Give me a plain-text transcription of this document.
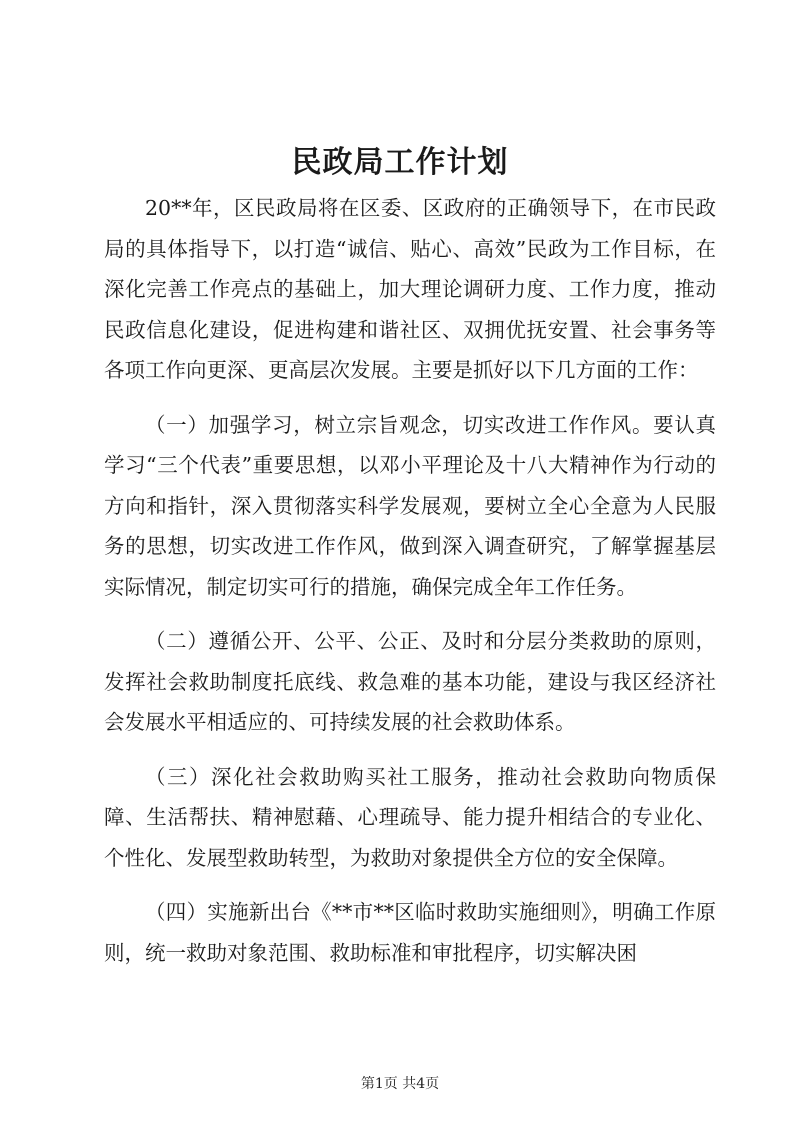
民政局工作计划

20**年，区民政局将在区委、区政府的正确领导下，在市民政局的具体指导下，以打造“诚信、贴心、高效”民政为工作目标，在深化完善工作亮点的基础上，加大理论调研力度、工作力度，推动民政信息化建设，促进构建和谐社区、双拥优抚安置、社会事务等各项工作向更深、更高层次发展。主要是抓好以下几方面的工作：

（一）加强学习，树立宗旨观念，切实改进工作作风。要认真学习“三个代表”重要思想，以邓小平理论及十八大精神作为行动的方向和指针，深入贯彻落实科学发展观，要树立全心全意为人民服务的思想，切实改进工作作风，做到深入调查研究，了解掌握基层实际情况，制定切实可行的措施，确保完成全年工作任务。

（二）遵循公开、公平、公正、及时和分层分类救助的原则，发挥社会救助制度托底线、救急难的基本功能，建设与我区经济社会发展水平相适应的、可持续发展的社会救助体系。

（三）深化社会救助购买社工服务，推动社会救助向物质保障、生活帮扶、精神慰藉、心理疏导、能力提升相结合的专业化、个性化、发展型救助转型，为救助对象提供全方位的安全保障。

（四）实施新出台《**市**区临时救助实施细则》，明确工作原则，统一救助对象范围、救助标准和审批程序，切实解决困

第1页 共4页
